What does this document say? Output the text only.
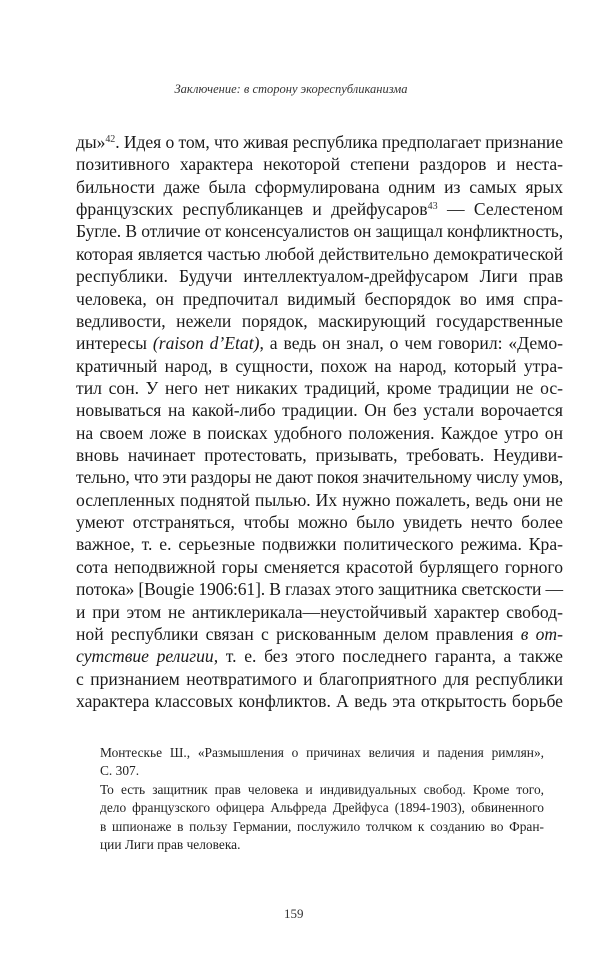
Заключение: в сторону экореспубликанизма
ды»$^{42}$. Идея о том, что живая республика предполагает признание
позитивного характера некоторой степени раздоров и неста-
бильности даже была сформулирована одним из самых ярых
французских республиканцев и дрейфусаров$^{43}$ — Селестеном
Бугле. В отличие от консенсуалистов он защищал конфликтность,
которая является частью любой действительно демократической
республики. Будучи интеллектуалом-дрейфусаром Лиги прав
человека, он предпочитал видимый беспорядок во имя спра-
ведливости, нежели порядок, маскирующий государственные
интересы (raison d’Etat), а ведь он знал, о чем говорил: «Демо-
кратичный народ, в сущности, похож на народ, который утра-
тил сон. У него нет никаких традиций, кроме традиции не ос-
новываться на какой-либо традиции. Он без устали ворочается
на своем ложе в поисках удобного положения. Каждое утро он
вновь начинает протестовать, призывать, требовать. Неудиви-
тельно, что эти раздоры не дают покоя значительному числу умов,
ослепленных поднятой пылью. Их нужно пожалеть, ведь они не
умеют отстраняться, чтобы можно было увидеть нечто более
важное, т. е. серьезные подвижки политического режима. Кра-
сота неподвижной горы сменяется красотой бурлящего горного
потока» [Bougie 1906:61]. В глазах этого защитника светскости —
и при этом не антиклерикала—неустойчивый характер свобод-
ной республики связан с рискованным делом правления в от-
сутствие религии, т. е. без этого последнего гаранта, а также
с признанием неотвратимого и благоприятного для республики
характера классовых конфликтов. А ведь эта открытость борьбе
Монтескье Ш., «Размышления о причинах величия и падения римлян»,
С. 307.
То есть защитник прав человека и индивидуальных свобод. Кроме того,
дело французского офицера Альфреда Дрейфуса (1894-1903), обвиненного
в шпионаже в пользу Германии, послужило толчком к созданию во Фран-
ции Лиги прав человека.
159
